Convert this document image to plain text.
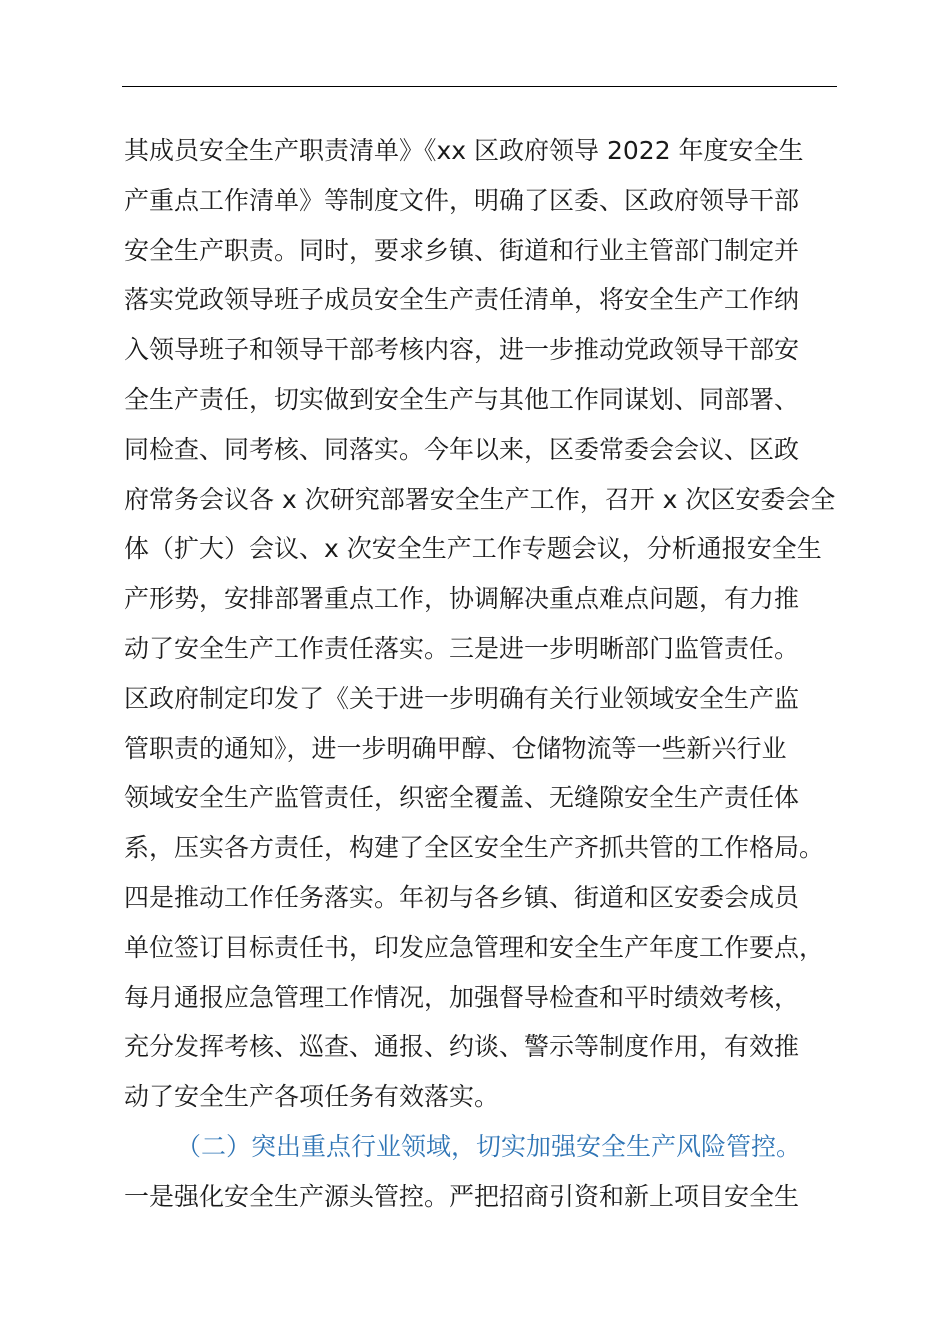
其成员安全生产职责清单》《xx 区政府领导 2022 年度安全生
产重点工作清单》等制度文件，明确了区委、区政府领导干部
安全生产职责。同时，要求乡镇、街道和行业主管部门制定并
落实党政领导班子成员安全生产责任清单，将安全生产工作纳
入领导班子和领导干部考核内容，进一步推动党政领导干部安
全生产责任，切实做到安全生产与其他工作同谋划、同部署、
同检查、同考核、同落实。今年以来，区委常委会会议、区政
府常务会议各 x 次研究部署安全生产工作，召开 x 次区安委会全
体（扩大）会议、x 次安全生产工作专题会议，分析通报安全生
产形势，安排部署重点工作，协调解决重点难点问题，有力推
动了安全生产工作责任落实。三是进一步明晰部门监管责任。
区政府制定印发了《关于进一步明确有关行业领域安全生产监
管职责的通知》，进一步明确甲醇、仓储物流等一些新兴行业
领域安全生产监管责任，织密全覆盖、无缝隙安全生产责任体
系，压实各方责任，构建了全区安全生产齐抓共管的工作格局。
四是推动工作任务落实。年初与各乡镇、街道和区安委会成员
单位签订目标责任书，印发应急管理和安全生产年度工作要点，
每月通报应急管理工作情况，加强督导检查和平时绩效考核，
充分发挥考核、巡查、通报、约谈、警示等制度作用，有效推
动了安全生产各项任务有效落实。
（二）突出重点行业领域，切实加强安全生产风险管控。
一是强化安全生产源头管控。严把招商引资和新上项目安全生
